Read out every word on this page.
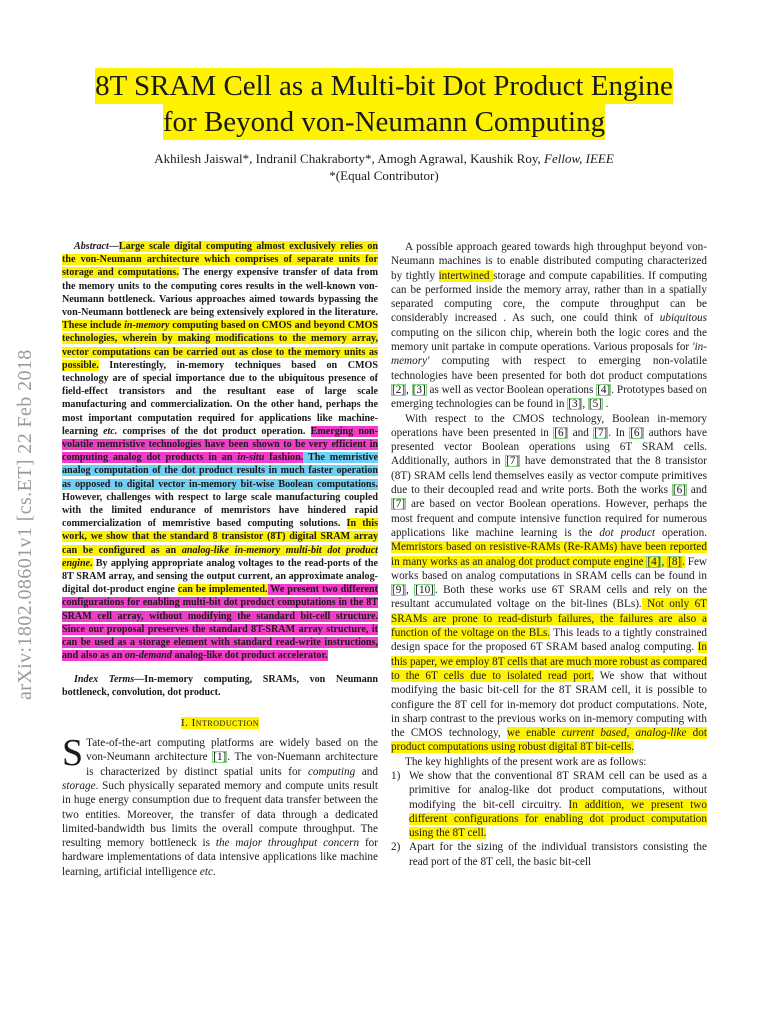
8T SRAM Cell as a Multi-bit Dot Product Engine
for Beyond von-Neumann Computing
Akhilesh Jaiswal*, Indranil Chakraborty*, Amogh Agrawal, Kaushik Roy, Fellow, IEEE
*(Equal Contributor)
arXiv:1802.08601v1 [cs.ET] 22 Feb 2018
Abstract—Large scale digital computing almost exclusively relies on the von-Neumann architecture which comprises of separate units for storage and computations. The energy expensive transfer of data from the memory units to the computing cores results in the well-known von-Neumann bottleneck. Various approaches aimed towards bypassing the von-Neumann bottleneck are being extensively explored in the literature. These include in-memory computing based on CMOS and beyond CMOS technologies, wherein by making modifications to the memory array, vector computations can be carried out as close to the memory units as possible. Interestingly, in-memory techniques based on CMOS technology are of special importance due to the ubiquitous presence of field-effect transistors and the resultant ease of large scale manufacturing and commercialization. On the other hand, perhaps the most important computation required for applications like machine-learning etc. comprises of the dot product operation. Emerging non-volatile memristive technologies have been shown to be very efficient in computing analog dot products in an in-situ fashion. The memristive analog computation of the dot product results in much faster operation as opposed to digital vector in-memory bit-wise Boolean computations. However, challenges with respect to large scale manufacturing coupled with the limited endurance of memristors have hindered rapid commercialization of memristive based computing solutions. In this work, we show that the standard 8 transistor (8T) digital SRAM array can be configured as an analog-like in-memory multi-bit dot product engine. By applying appropriate analog voltages to the read-ports of the 8T SRAM array, and sensing the output current, an approximate analog-digital dot-product engine can be implemented. We present two different configurations for enabling multi-bit dot product computations in the 8T SRAM cell array, without modifying the standard bit-cell structure. Since our proposal preserves the standard 8T-SRAM array structure, it can be used as a storage element with standard read-write instructions, and also as an on-demand analog-like dot product accelerator.
Index Terms—In-memory computing, SRAMs, von Neumann bottleneck, convolution, dot product.
I. Introduction
S Tate-of-the-art computing platforms are widely based on the von-Neumann architecture [1]. The von-Nuemann architecture is characterized by distinct spatial units for computing and storage. Such physically separated memory and compute units result in huge energy consumption due to frequent data transfer between the two entities. Moreover, the transfer of data through a dedicated limited-bandwidth bus limits the overall compute throughput. The resulting memory bottleneck is the major throughput concern for hardware implementations of data intensive applications like machine learning, artificial intelligence etc.

A possible approach geared towards high throughput beyond von-Neumann machines is to enable distributed computing characterized by tightly intertwined storage and compute capabilities. If computing can be performed inside the memory array, rather than in a spatially separated computing core, the compute throughput can be considerably increased . As such, one could think of ubiquitous computing on the silicon chip, wherein both the logic cores and the memory unit partake in compute operations. Various proposals for 'in-memory' computing with respect to emerging non-volatile technologies have been presented for both dot product computations [2], [3] as well as vector Boolean operations [4]. Prototypes based on emerging technologies can be found in [3], [5] .

With respect to the CMOS technology, Boolean in-memory operations have been presented in [6] and [7]. In [6] authors have presented vector Boolean operations using 6T SRAM cells. Additionally, authors in [7] have demonstrated that the 8 transistor (8T) SRAM cells lend themselves easily as vector compute primitives due to their decoupled read and write ports. Both the works [6] and [7] are based on vector Boolean operations. However, perhaps the most frequent and compute intensive function required for numerous applications like machine learning is the dot product operation. Memristors based on resistive-RAMs (Re-RAMs) have been reported in many works as an analog dot product compute engine [4], [8]. Few works based on analog computations in SRAM cells can be found in [9], [10]. Both these works use 6T SRAM cells and rely on the resultant accumulated voltage on the bit-lines (BLs). Not only 6T SRAMs are prone to read-disturb failures, the failures are also a function of the voltage on the BLs. This leads to a tightly constrained design space for the proposed 6T SRAM based analog computing. In this paper, we employ 8T cells that are much more robust as compared to the 6T cells due to isolated read port. We show that without modifying the basic bit-cell for the 8T SRAM cell, it is possible to configure the 8T cell for in-memory dot product computations. Note, in sharp contrast to the previous works on in-memory computing with the CMOS technology, we enable current based, analog-like dot product computations using robust digital 8T bit-cells.

The key highlights of the present work are as follows:

1) We show that the conventional 8T SRAM cell can be used as a primitive for analog-like dot product computations, without modifying the bit-cell circuitry. In addition, we present two different configurations for enabling dot product computation using the 8T cell.
2) Apart for the sizing of the individual transistors consisting the read port of the 8T cell, the basic bit-cell
